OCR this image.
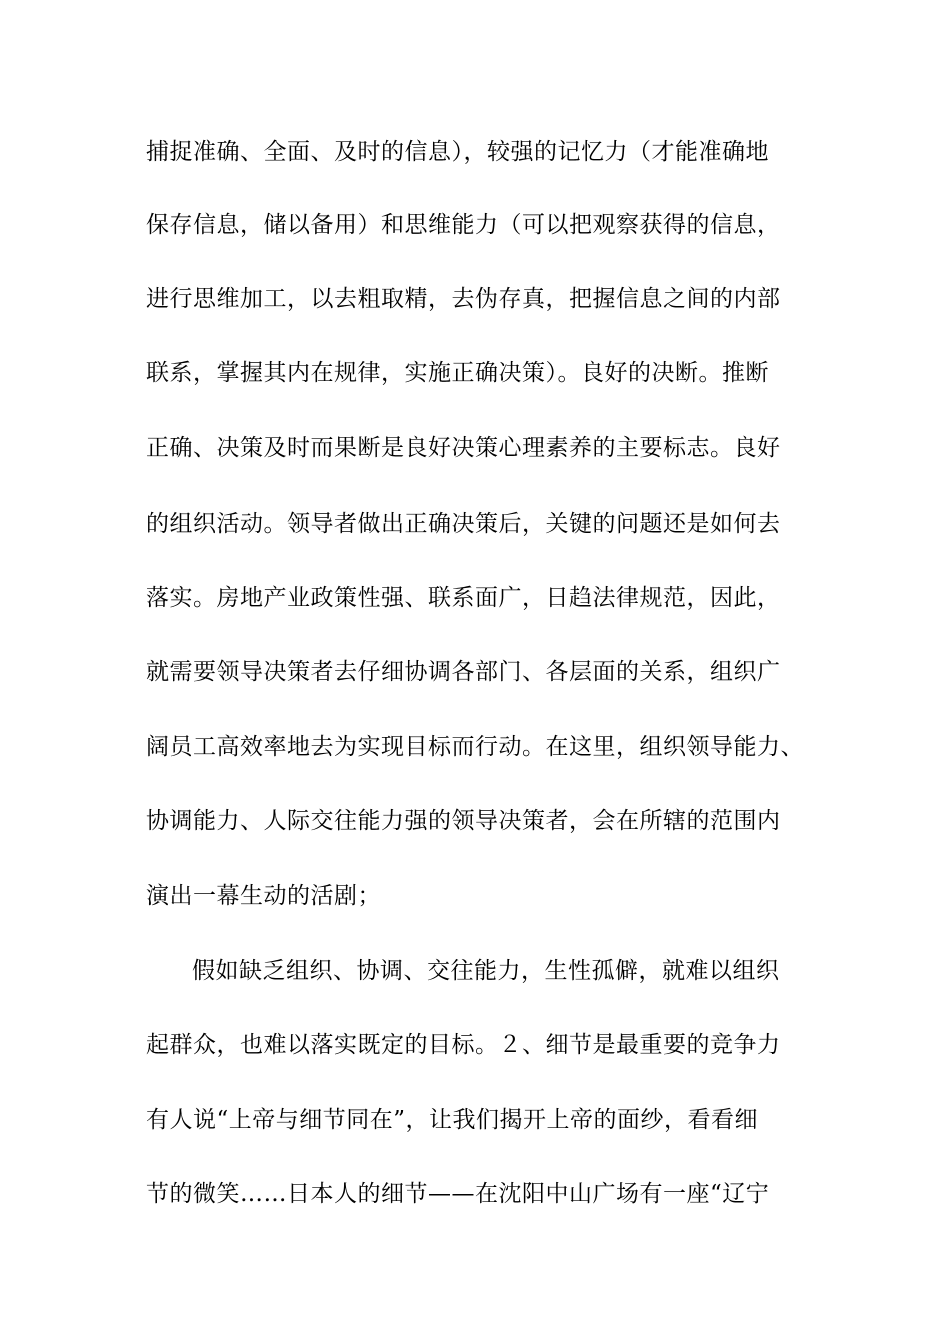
捕捉准确、全面、及时的信息），较强的记忆力（才能准确地
保存信息，储以备用）和思维能力（可以把观察获得的信息，
进行思维加工，以去粗取精，去伪存真，把握信息之间的内部
联系，掌握其内在规律，实施正确决策）。良好的决断。推断
正确、决策及时而果断是良好决策心理素养的主要标志。良好
的组织活动。领导者做出正确决策后，关键的问题还是如何去
落实。房地产业政策性强、联系面广，日趋法律规范，因此，
就需要领导决策者去仔细协调各部门、各层面的关系，组织广
阔员工高效率地去为实现目标而行动。在这里，组织领导能力、
协调能力、人际交往能力强的领导决策者，会在所辖的范围内
演出一幕生动的活剧；
假如缺乏组织、协调、交往能力，生性孤僻，就难以组织
起群众，也难以落实既定的目标。２、细节是最重要的竞争力
有人说“上帝与细节同在”，让我们揭开上帝的面纱，看看细
节的微笑……日本人的细节——在沈阳中山广场有一座“辽宁
